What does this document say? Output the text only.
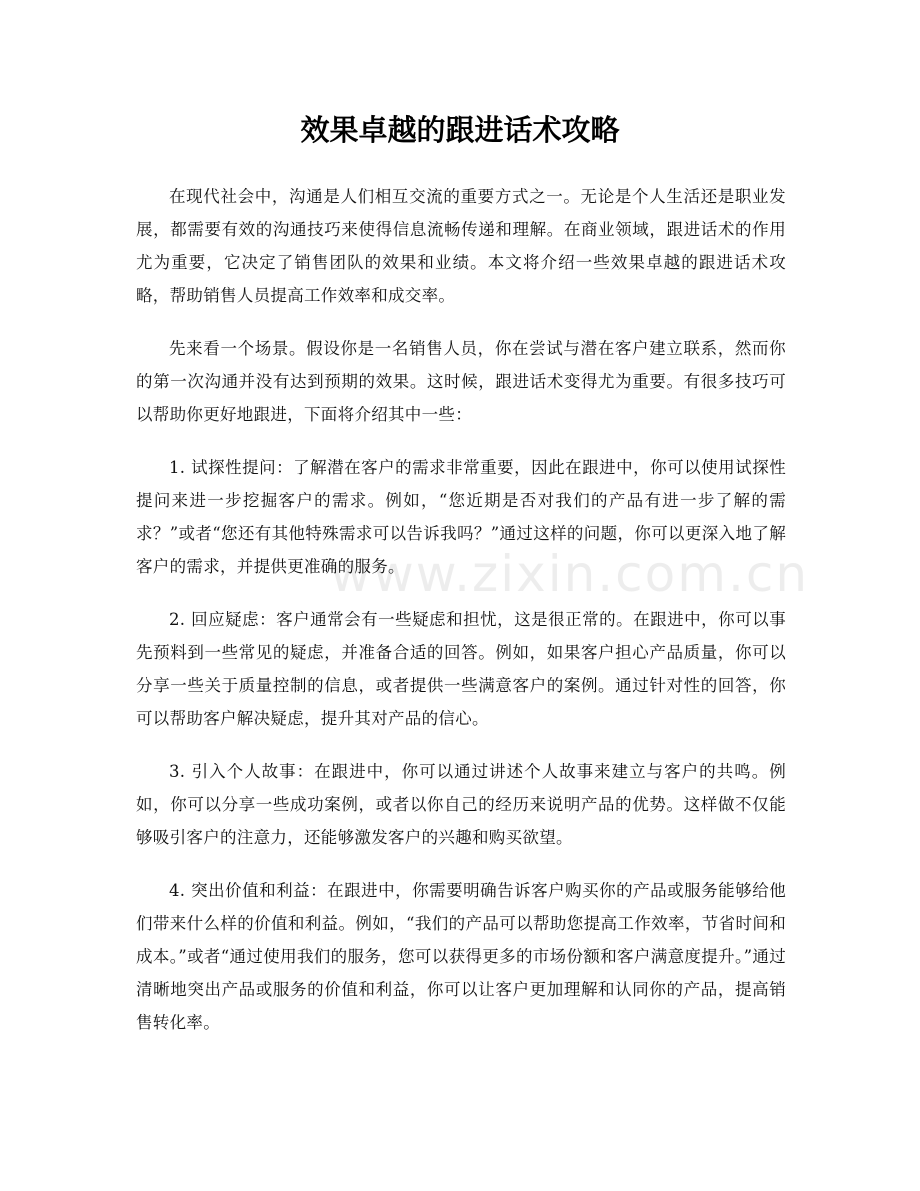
效果卓越的跟进话术攻略

在现代社会中，沟通是人们相互交流的重要方式之一。无论是个人生活还是职业发展，都需要有效的沟通技巧来使得信息流畅传递和理解。在商业领域，跟进话术的作用尤为重要，它决定了销售团队的效果和业绩。本文将介绍一些效果卓越的跟进话术攻略，帮助销售人员提高工作效率和成交率。

先来看一个场景。假设你是一名销售人员，你在尝试与潜在客户建立联系，然而你的第一次沟通并没有达到预期的效果。这时候，跟进话术变得尤为重要。有很多技巧可以帮助你更好地跟进，下面将介绍其中一些：

1. 试探性提问：了解潜在客户的需求非常重要，因此在跟进中，你可以使用试探性提问来进一步挖掘客户的需求。例如，“您近期是否对我们的产品有进一步了解的需求？”或者“您还有其他特殊需求可以告诉我吗？”通过这样的问题，你可以更深入地了解客户的需求，并提供更准确的服务。

2. 回应疑虑：客户通常会有一些疑虑和担忧，这是很正常的。在跟进中，你可以事先预料到一些常见的疑虑，并准备合适的回答。例如，如果客户担心产品质量，你可以分享一些关于质量控制的信息，或者提供一些满意客户的案例。通过针对性的回答，你可以帮助客户解决疑虑，提升其对产品的信心。

3. 引入个人故事：在跟进中，你可以通过讲述个人故事来建立与客户的共鸣。例如，你可以分享一些成功案例，或者以你自己的经历来说明产品的优势。这样做不仅能够吸引客户的注意力，还能够激发客户的兴趣和购买欲望。

4. 突出价值和利益：在跟进中，你需要明确告诉客户购买你的产品或服务能够给他们带来什么样的价值和利益。例如，“我们的产品可以帮助您提高工作效率，节省时间和成本。”或者“通过使用我们的服务，您可以获得更多的市场份额和客户满意度提升。”通过清晰地突出产品或服务的价值和利益，你可以让客户更加理解和认同你的产品，提高销售转化率。

www.zixin.com.cn
